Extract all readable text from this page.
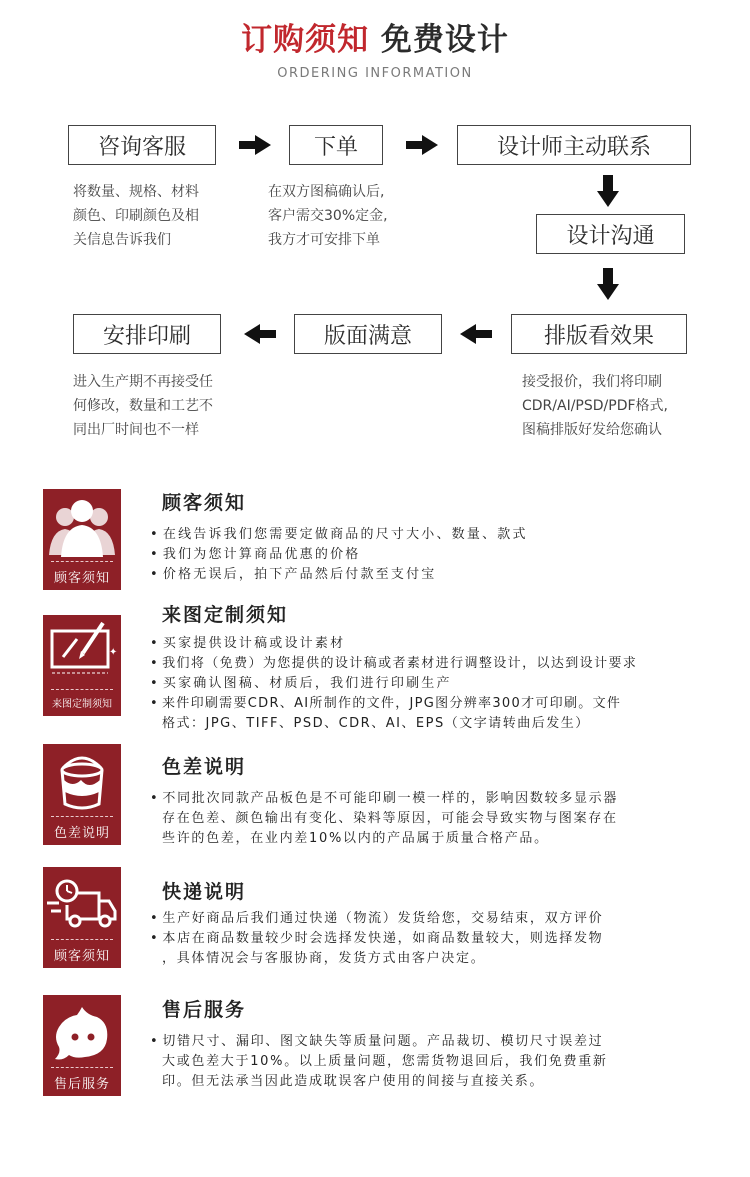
订购须知 免费设计
ORDERING INFORMATION
咨询客服	下单	设计师主动联系
将数量、规格、材料
颜色、印刷颜色及相
关信息告诉我们
在双方图稿确认后,
客户需交30%定金,
我方才可安排下单	设计沟通
安排印刷	版面满意	排版看效果
进入生产期不再接受任
何修改，数量和工艺不
同出厂时间也不一样
接受报价，我们将印刷
CDR/AI/PSD/PDF格式,
图稿排版好发给您确认
顾客须知
顾客须知
• 在线告诉我们您需要定做商品的尺寸大小、数量、款式
• 我们为您计算商品优惠的价格
• 价格无误后，拍下产品然后付款至支付宝
✦
来图定制须知
来图定制须知
• 买家提供设计稿或设计素材
• 我们将（免费）为您提供的设计稿或者素材进行调整设计，以达到设计要求
• 买家确认图稿、材质后，我们进行印刷生产
• 来件印刷需要CDR、AI所制作的文件，JPG图分辨率300才可印刷。文件
格式：JPG、TIFF、PSD、CDR、AI、EPS（文字请转曲后发生）
色差说明
色差说明
• 不同批次同款产品板色是不可能印刷一模一样的，影响因数较多显示器
存在色差、颜色输出有变化、染料等原因，可能会导致实物与图案存在
些许的色差，在业内差10%以内的产品属于质量合格产品。
顾客须知
快递说明
• 生产好商品后我们通过快递（物流）发货给您，交易结束，双方评价
• 本店在商品数量较少时会选择发快递，如商品数量较大，则选择发物
，具体情况会与客服协商，发货方式由客户决定。
售后服务
售后服务
• 切错尺寸、漏印、图文缺失等质量问题。产品裁切、模切尺寸误差过
大或色差大于10%。以上质量问题，您需货物退回后，我们免费重新
印。但无法承当因此造成耽误客户使用的间接与直接关系。
